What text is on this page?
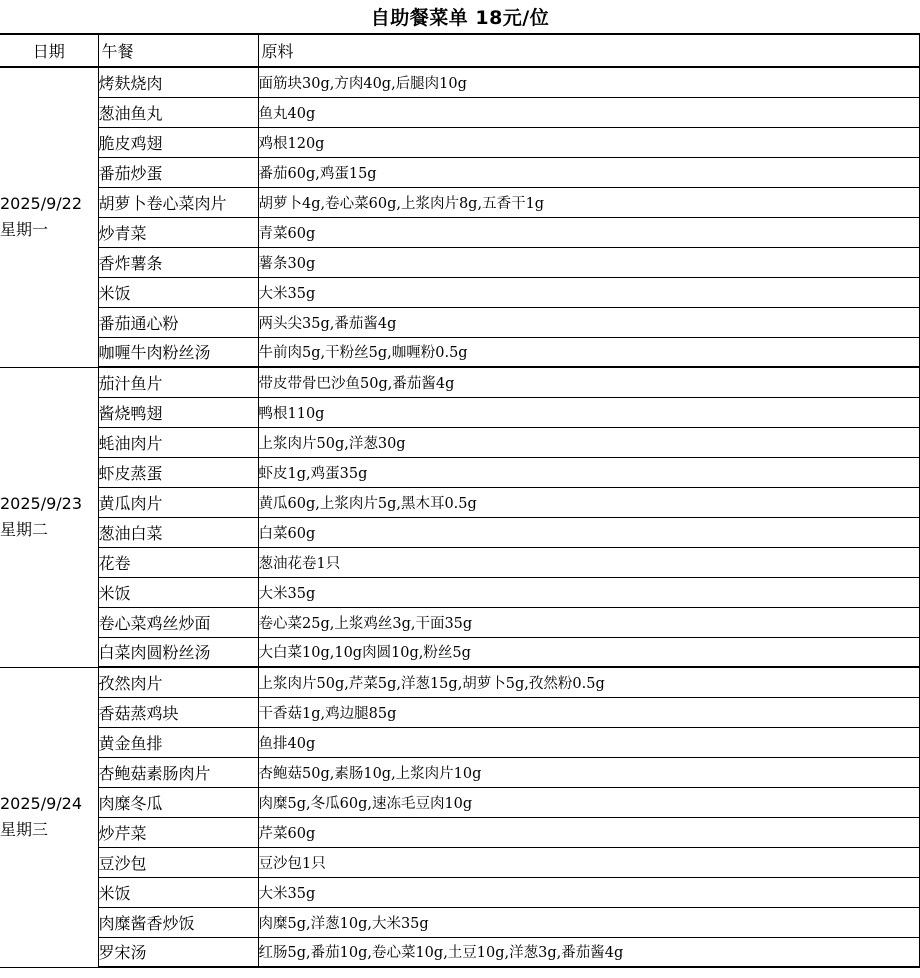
自助餐菜单 18元/位
日期	午餐	原料

2025/9/22
星期一	烤麸烧肉	面筋块30g,方肉40g,后腿肉10g
	葱油鱼丸	鱼丸40g
	脆皮鸡翅	鸡根120g
	番茄炒蛋	番茄60g,鸡蛋15g
	胡萝卜卷心菜肉片	胡萝卜4g,卷心菜60g,上浆肉片8g,五香干1g
	炒青菜	青菜60g
	香炸薯条	薯条30g
	米饭	大米35g
	番茄通心粉	两头尖35g,番茄酱4g
	咖喱牛肉粉丝汤	牛前肉5g,干粉丝5g,咖喱粉0.5g

2025/9/23
星期二	茄汁鱼片	带皮带骨巴沙鱼50g,番茄酱4g
	酱烧鸭翅	鸭根110g
	蚝油肉片	上浆肉片50g,洋葱30g
	虾皮蒸蛋	虾皮1g,鸡蛋35g
	黄瓜肉片	黄瓜60g,上浆肉片5g,黑木耳0.5g
	葱油白菜	白菜60g
	花卷	葱油花卷1只
	米饭	大米35g
	卷心菜鸡丝炒面	卷心菜25g,上浆鸡丝3g,干面35g
	白菜肉圆粉丝汤	大白菜10g,10g肉圆10g,粉丝5g

2025/9/24
星期三	孜然肉片	上浆肉片50g,芹菜5g,洋葱15g,胡萝卜5g,孜然粉0.5g
	香菇蒸鸡块	干香菇1g,鸡边腿85g
	黄金鱼排	鱼排40g
	杏鲍菇素肠肉片	杏鲍菇50g,素肠10g,上浆肉片10g
	肉糜冬瓜	肉糜5g,冬瓜60g,速冻毛豆肉10g
	炒芹菜	芹菜60g
	豆沙包	豆沙包1只
	米饭	大米35g
	肉糜酱香炒饭	肉糜5g,洋葱10g,大米35g
	罗宋汤	红肠5g,番茄10g,卷心菜10g,土豆10g,洋葱3g,番茄酱4g
